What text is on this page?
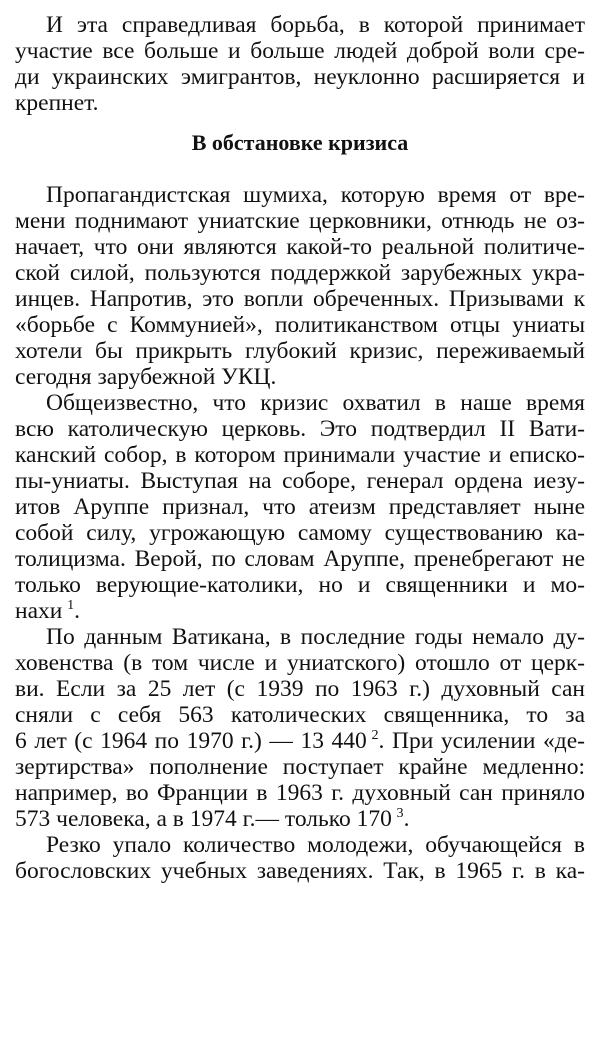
И эта справедливая борьба, в которой принимает
участие все больше и больше людей доброй воли сре-
ди украинских эмигрантов, неуклонно расширяется и
крепнет.
В обстановке кризиса
Пропагандистская шумиха, которую время от вре-
мени поднимают униатские церковники, отнюдь не оз-
начает, что они являются какой-то реальной политиче-
ской силой, пользуются поддержкой зарубежных укра-
инцев. Напротив, это вопли обреченных. Призывами к
«борьбе с Коммунией», политиканством отцы униаты
хотели бы прикрыть глубокий кризис, переживаемый
сегодня зарубежной УКЦ.
Общеизвестно, что кризис охватил в наше время
всю католическую церковь. Это подтвердил II Вати-
канский собор, в котором принимали участие и еписко-
пы-униаты. Выступая на соборе, генерал ордена иезу-
итов Аруппе признал, что атеизм представляет ныне
собой силу, угрожающую самому существованию ка-
толицизма. Верой, по словам Аруппе, пренебрегают не
только верующие-католики, но и священники и мо-
нахи  $^1$.
По данным Ватикана, в последние годы немало ду-
ховенства (в том числе и униатского) отошло от церк-
ви. Если за 25 лет (с 1939 по 1963 г.) духовный сан
сняли с себя 563 католических священника, то за
6 лет (с 1964 по 1970 г.) — 13 440  $^2$. При усилении «де-
зертирства» пополнение поступает крайне медленно:
например, во Франции в 1963 г. духовный сан приняло
573 человека, а в 1974 г.— только 170  $^3$.
Резко упало количество молодежи, обучающейся в
богословских учебных заведениях. Так, в 1965 г. в ка-
